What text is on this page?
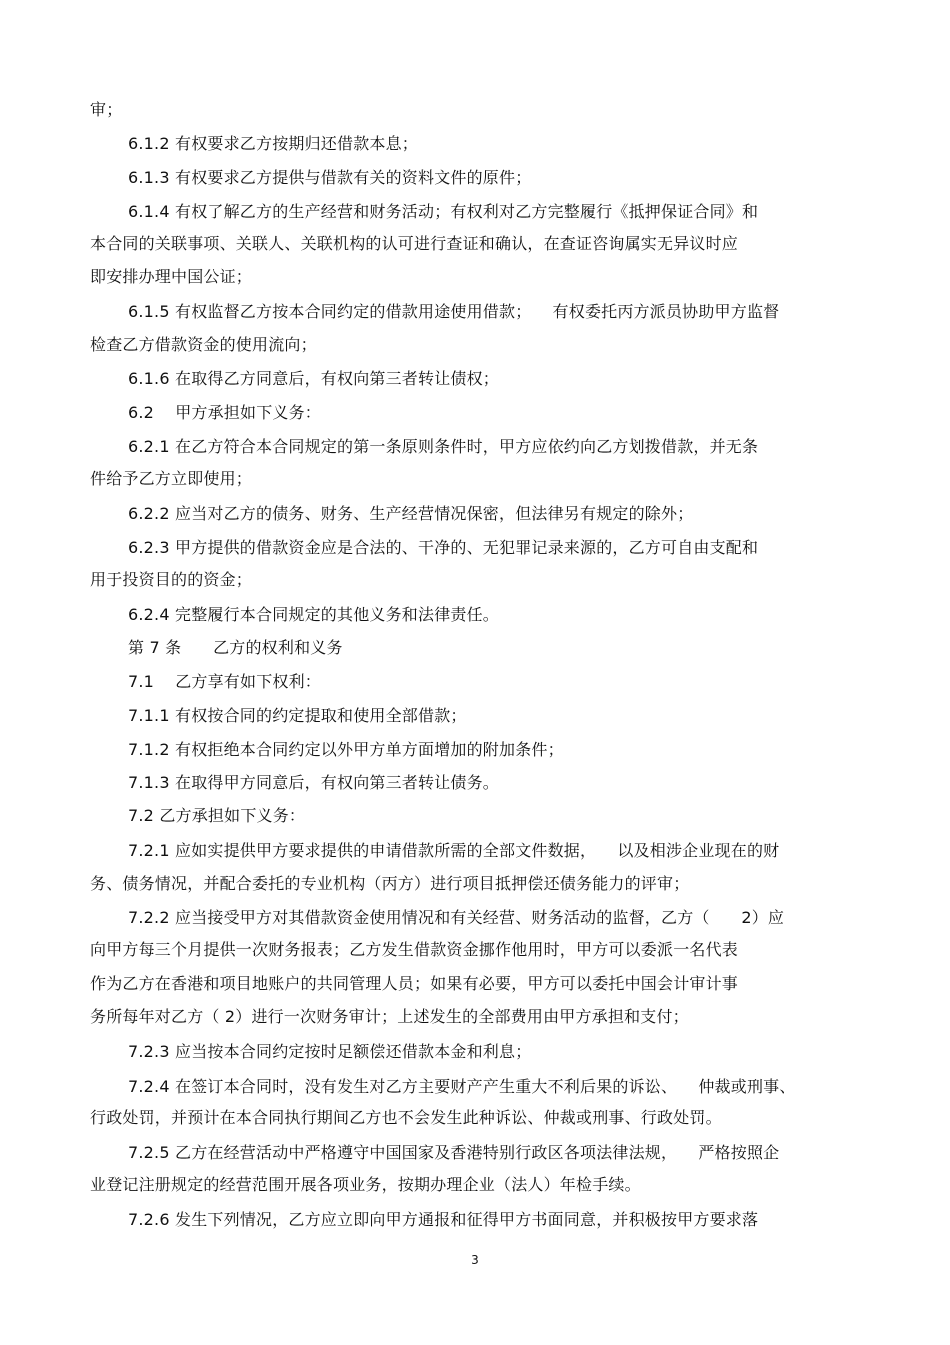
审；
6.1.2 有权要求乙方按期归还借款本息；
6.1.3 有权要求乙方提供与借款有关的资料文件的原件；
6.1.4 有权了解乙方的生产经营和财务活动；有权利对乙方完整履行《抵押保证合同》和
本合同的关联事项、关联人、关联机构的认可进行查证和确认，在查证咨询属实无异议时应
即安排办理中国公证；
6.1.5 有权监督乙方按本合同约定的借款用途使用借款；    有权委托丙方派员协助甲方监督
检查乙方借款资金的使用流向；
6.1.6 在取得乙方同意后，有权向第三者转让债权；
6.2    甲方承担如下义务：
6.2.1 在乙方符合本合同规定的第一条原则条件时，甲方应依约向乙方划拨借款，并无条
件给予乙方立即使用；
6.2.2 应当对乙方的债务、财务、生产经营情况保密，但法律另有规定的除外；
6.2.3 甲方提供的借款资金应是合法的、干净的、无犯罪记录来源的，乙方可自由支配和
用于投资目的的资金；
6.2.4 完整履行本合同规定的其他义务和法律责任。
第 7 条      乙方的权利和义务
7.1    乙方享有如下权利：
7.1.1 有权按合同的约定提取和使用全部借款；
7.1.2 有权拒绝本合同约定以外甲方单方面增加的附加条件；
7.1.3 在取得甲方同意后，有权向第三者转让债务。
7.2 乙方承担如下义务：
7.2.1 应如实提供甲方要求提供的申请借款所需的全部文件数据，    以及相涉企业现在的财
务、债务情况，并配合委托的专业机构（丙方）进行项目抵押偿还债务能力的评审；
7.2.2 应当接受甲方对其借款资金使用情况和有关经营、财务活动的监督，乙方（      2）应
向甲方每三个月提供一次财务报表；乙方发生借款资金挪作他用时，甲方可以委派一名代表
作为乙方在香港和项目地账户的共同管理人员；如果有必要，甲方可以委托中国会计审计事
务所每年对乙方（ 2）进行一次财务审计；上述发生的全部费用由甲方承担和支付；
7.2.3 应当按本合同约定按时足额偿还借款本金和利息；
7.2.4 在签订本合同时，没有发生对乙方主要财产产生重大不利后果的诉讼、    仲裁或刑事、
行政处罚，并预计在本合同执行期间乙方也不会发生此种诉讼、仲裁或刑事、行政处罚。
7.2.5 乙方在经营活动中严格遵守中国国家及香港特别行政区各项法律法规，    严格按照企
业登记注册规定的经营范围开展各项业务，按期办理企业（法人）年检手续。
7.2.6 发生下列情况，乙方应立即向甲方通报和征得甲方书面同意，并积极按甲方要求落
3
